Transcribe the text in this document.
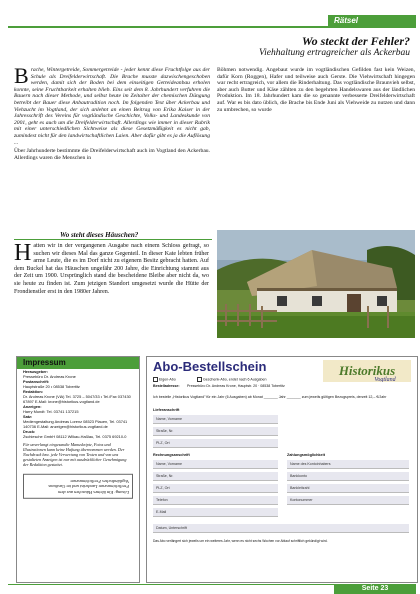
Rätsel
Wo steckt der Fehler?
Viehhaltung ertragreicher als Ackerbau
B rache, Wintergetreide, Sommergetreide - jeder kennt diese Fruchtfolge aus der Schule als Dreifelderwirtschaft. Die Brache musste dazwischengeschoben werden, damit sich der Boden bei dem einseitigen Getreideanbau erholen konnte, seine Fruchtbarkeit erhalten blieb. Eins seit dem 8. Jahrhundert verfuhren die Bauern nach dieser Methode, und selbst heute im Zeitalter der chemischen Düngung betreibt der Bauer diese Anbautradition noch. Im folgenden Text über Ackerbau und Viehzucht im Vogtland, der sich anlehnt an einen Beitrag von Erika Kaiser in der Jahresschrift des Vereins für vogtländische Geschichte, Volks- und Landeskunde von 2001, geht es auch um die Dreifelderwirtschaft. Allerdings wie immer in dieser Rubrik mit einer unterschiedlichen Sichtweise als diese Gesetzmäßigkeit es nicht gab, zumindest nicht für den landwirtschaftlichen Laien. Aber dafür gibt es ja die Auflösung ...
Über Jahrhunderte bestimmte die Dreifelderwirtschaft auch im Vogtland den Ackerbau. Allerdings waren die Menschen in
Böhmen notwendig. Angebaut wurde im vogtländischen Gefilden fast kein Weizen, dafür Korn (Roggen), Hafer und teilweise auch Gerste. Die Viehwirtschaft hingegen war recht ertragreich, vor allem die Rinderhaltung. Das vogtländische Braunvieh selbst, aber auch Butter und Käse zählten zu den begehrten Handelswaren aus der ländlichen Produktion. Im 18. Jahrhundert kam die so genannte verbesserte Dreifelderwirtschaft auf. War es bis dato üblich, die Brache bis Ende Juni als Viehweide zu nutzen und dann zu umbrechen, so wurde
Wo steht dieses Häuschen?
H atten wir in der vergangenen Ausgabe nach einem Schloss gefragt, so suchen wir dieses Mal das ganze Gegenteil. In dieser Kate lebten früher arme Leute, die es im Dorf nicht zu eigenem Besitz gebracht hatten. Auf dem Buckel hat das Häuschen ungefähr 200 Jahre, die Einrichtung stammt aus der Zeit um 1900. Ursprünglich stand die bescheidene Bleibe aber nicht da, wo sie heute zu finden ist. Zum jetzigen Standort umgesetzt wurde die Hütte der Frondienstler erst in den 1980er Jahren.
Impressum
Herausgeber:
Pressebüro Dr. Andreas Krone
Postanschrift:
Hauptstraße 20 • 08538 Tobertitz
Redaktion:
Dr. Andreas Krone (ViA) Tel. 3725 – 5047/33 • Tel./Fax 037430 67897 E-Mail: krone@historikus-vogtland.de
Anzeigen:
Harry Mundt: Tel. 03741 137215
Satz:
Mediengestaltung Andreas Lorenz 08523 Plauen, Tel. 03741 140736 E-Mail: anzeigen@historikus-vogtland.de
Druck:
Zschiesche GmbH 08112 Wilkau-Haßlau, Tel. 0375 69210-0
Für unverlangt eingesandte Manuskripte, Fotos und Illustrationen kann keine Haftung übernommen werden. Der Nachdruck bzw. jede Verwertung von Texten und von uns gestalteten Anzeigen ist nur mit ausdrücklicher Genehmigung der Redaktion gestattet.
Lösung: Ein kleines Häuschen aus dem Freilichtmuseum Landwüst und im Gasthaus Vogtländisches Freilichtmuseum
Abo-Bestellschein	Historikus
Vogtland
Eigen-Abo	Geschenk-Abo, endet nach 6 Ausgaben
Bestelladresse: Pressebüro Dr. Andreas Krone, Hauptstr. 20 · 08538 Tobertitz
Ich bestelle „Historikus Vogtland" für ein Jahr (6 Ausgaben) ab Monat _______ Jahr _______ zum jeweils gültigen Bezugspreis, derzeit 12,– €/Jahr
Lieferanschrift
Name, Vorname
Straße, Nr.
PLZ, Ort
Rechnungsanschrift	Zahlungsmöglichkeit
Name, Vorname
Straße, Nr.
PLZ, Ort
Telefon
E-Mail
Name des Kontoinhabers
Bankkonto
Bankleitzahl
Kontonummer
Datum, Unterschrift
Das Abo verlängert sich jeweils um ein weiteres Jahr, wenn es nicht sechs Wochen vor Ablauf schriftlich gekündigt wird.
Seite 23
